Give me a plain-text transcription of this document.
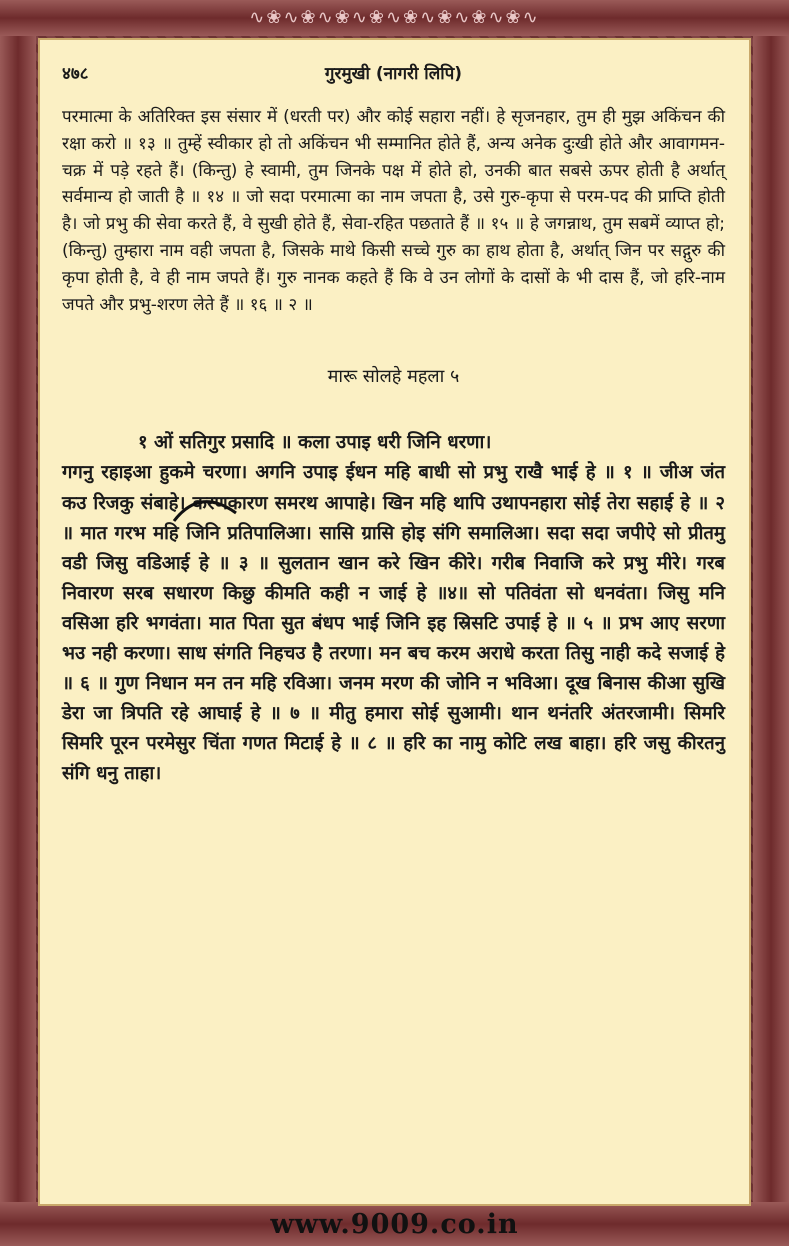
∿❀∿❀∿❀∿❀∿❀∿❀∿❀∿❀∿
www.9009.co.in
४७८	गुरमुखी (नागरी लिपि)
परमात्मा के अतिरिक्त इस संसार में (धरती पर) और कोई सहारा नहीं। हे सृजनहार, तुम ही मुझ अकिंचन की रक्षा करो ॥ १३ ॥ तुम्हें स्वीकार हो तो अकिंचन भी सम्मानित होते हैं, अन्य अनेक दुःखी होते और आवागमन-चक्र में पड़े रहते हैं। (किन्तु) हे स्वामी, तुम जिनके पक्ष में होते हो, उनकी बात सबसे ऊपर होती है अर्थात् सर्वमान्य हो जाती है ॥ १४ ॥ जो सदा परमात्मा का नाम जपता है, उसे गुरु-कृपा से परम-पद की प्राप्ति होती है। जो प्रभु की सेवा करते हैं, वे सुखी होते हैं, सेवा-रहित पछताते हैं ॥ १५ ॥ हे जगन्नाथ, तुम सबमें व्याप्त हो; (किन्तु) तुम्हारा नाम वही जपता है, जिसके माथे किसी सच्चे गुरु का हाथ होता है, अर्थात् जिन पर सद्गुरु की कृपा होती है, वे ही नाम जपते हैं। गुरु नानक कहते हैं कि वे उन लोगों के दासों के भी दास हैं, जो हरि-नाम जपते और प्रभु-शरण लेते हैं ॥ १६ ॥ २ ॥
मारू सोलहे महला ५
१ ओं सतिगुर प्रसादि ॥ कला उपाइ धरी जिनि धरणा।
गगनु रहाइआ हुकमे चरणा। अगनि उपाइ ईधन महि बाधी सो प्रभु राखै भाई हे ॥ १ ॥ जीअ जंत कउ रिजकु संबाहे। करणकारण समरथ आपाहे। खिन महि थापि उथापनहारा सोई तेरा सहाई हे ॥ २ ॥ मात गरभ महि जिनि प्रतिपालिआ। सासि ग्रासि होइ संगि समालिआ। सदा सदा जपीऐ सो प्रीतमु वडी जिसु वडिआई हे ॥ ३ ॥ सुलतान खान करे खिन कीरे। गरीब निवाजि करे प्रभु मीरे। गरब निवारण सरब सधारण किछु कीमति कही न जाई हे ॥४॥ सो पतिवंता सो धनवंता। जिसु मनि वसिआ हरि भगवंता। मात पिता सुत बंधप भाई जिनि इह स्रिसटि उपाई हे ॥ ५ ॥ प्रभ आए सरणा भउ नही करणा। साध संगति निहचउ है तरणा। मन बच करम अराधे करता तिसु नाही कदे सजाई हे ॥ ६ ॥ गुण निधान मन तन महि रविआ। जनम मरण की जोनि न भविआ। दूख बिनास कीआ सुखि डेरा जा त्रिपति रहे आघाई हे ॥ ७ ॥ मीतु हमारा सोई सुआमी। थान थनंतरि अंतरजामी। सिमरि सिमरि पूरन परमेसुर चिंता गणत मिटाई हे ॥ ८ ॥ हरि का नामु कोटि लख बाहा। हरि जसु कीरतनु संगि धनु ताहा।
